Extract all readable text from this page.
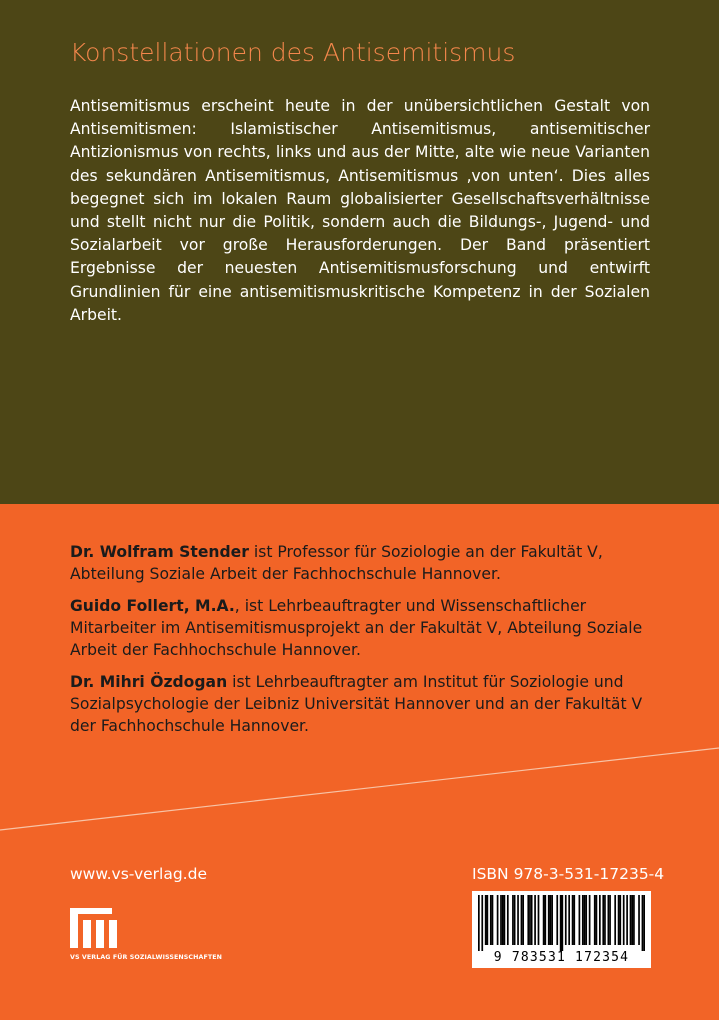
Konstellationen des Antisemitismus
Antisemitismus erscheint heute in der unübersichtlichen Gestalt von Antisemitismen: Islamistischer Antisemitismus, antisemitischer Antizionismus von rechts, links und aus der Mitte, alte wie neue Varianten des sekundären Antisemitismus, Antisemitismus ‚von unten‘. Dies alles begegnet sich im lokalen Raum globalisierter Gesellschaftsverhältnisse und stellt nicht nur die Politik, sondern auch die Bildungs-, Jugend- und Sozialarbeit vor große Herausforderungen. Der Band präsentiert Ergebnisse der neuesten Antisemitismusforschung und entwirft Grundlinien für eine antisemitismuskritische Kompetenz in der Sozialen Arbeit.

Dr. Wolfram Stender ist Professor für Soziologie an der Fakultät V, Abteilung Soziale Arbeit der Fachhochschule Hannover.

Guido Follert, M.A., ist Lehrbeauftragter und Wissenschaftlicher Mitarbeiter im Antisemitismusprojekt an der Fakultät V, Abteilung Soziale Arbeit der Fachhochschule Hannover.

Dr. Mihri Özdogan ist Lehrbeauftragter am Institut für Soziologie und Sozialpsychologie der Leibniz Universität Hannover und an der Fakultät V der Fachhochschule Hannover.

www.vs-verlag.de	ISBN 978-3-531-17235-4
VS VERLAG FÜR SOZIALWISSENSCHAFTEN	9 783531 172354
